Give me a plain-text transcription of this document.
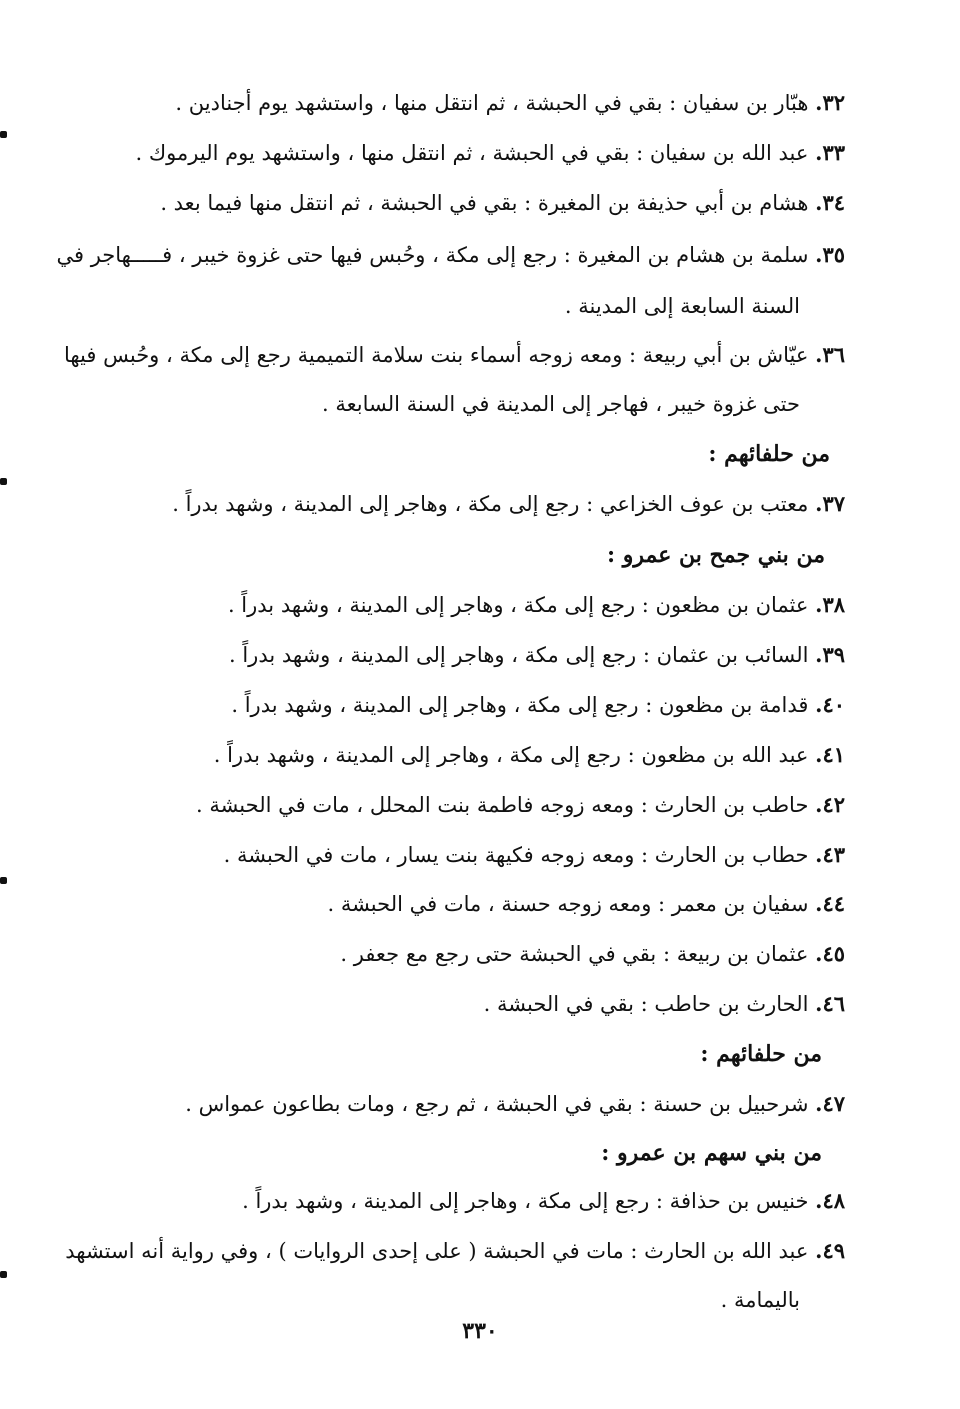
٣٢. هبّار بن سفيان : بقي في الحبشة ، ثم انتقل منها ، واستشهد يوم أجنادين .
٣٣. عبد الله بن سفيان : بقي في الحبشة ، ثم انتقل منها ، واستشهد يوم اليرموك .
٣٤. هشام بن أبي حذيفة بن المغيرة : بقي في الحبشة ، ثم انتقل منها فيما بعد .
٣٥. سلمة بن هشام بن المغيرة : رجع إلى مكة ، وحُبس فيها حتى غزوة خيبر ، فـــــهاجر في
السنة السابعة إلى المدينة .
٣٦. عيّاش بن أبي ربيعة : ومعه زوجه أسماء بنت سلامة التميمية رجع إلى مكة ، وحُبس فيها
حتى غزوة خيبر ، فهاجر إلى المدينة في السنة السابعة .
من حلفائهم :
٣٧. معتب بن عوف الخزاعي : رجع إلى مكة ، وهاجر إلى المدينة ، وشهد بدراً .
من بني جمح بن عمرو :
٣٨. عثمان بن مظعون : رجع إلى مكة ، وهاجر إلى المدينة ، وشهد بدراً .
٣٩. السائب بن عثمان : رجع إلى مكة ، وهاجر إلى المدينة ، وشهد بدراً .
٤٠. قدامة بن مظعون : رجع إلى مكة ، وهاجر إلى المدينة ، وشهد بدراً .
٤١. عبد الله بن مظعون : رجع إلى مكة ، وهاجر إلى المدينة ، وشهد بدراً .
٤٢. حاطب بن الحارث : ومعه زوجه فاطمة بنت المحلل ، مات في الحبشة .
٤٣. حطاب بن الحارث : ومعه زوجه فكيهة بنت يسار ، مات في الحبشة .
٤٤. سفيان بن معمر : ومعه زوجه حسنة ، مات في الحبشة .
٤٥. عثمان بن ربيعة : بقي في الحبشة حتى رجع مع جعفر .
٤٦. الحارث بن حاطب : بقي في الحبشة .
من حلفائهم :
٤٧. شرحبيل بن حسنة : بقي في الحبشة ، ثم رجع ، ومات بطاعون عمواس .
من بني سهم بن عمرو :
٤٨. خنيس بن حذافة : رجع إلى مكة ، وهاجر إلى المدينة ، وشهد بدراً .
٤٩. عبد الله بن الحارث : مات في الحبشة ( على إحدى الروايات ) ، وفي رواية أنه استشهد
باليمامة .
٣٣٠
